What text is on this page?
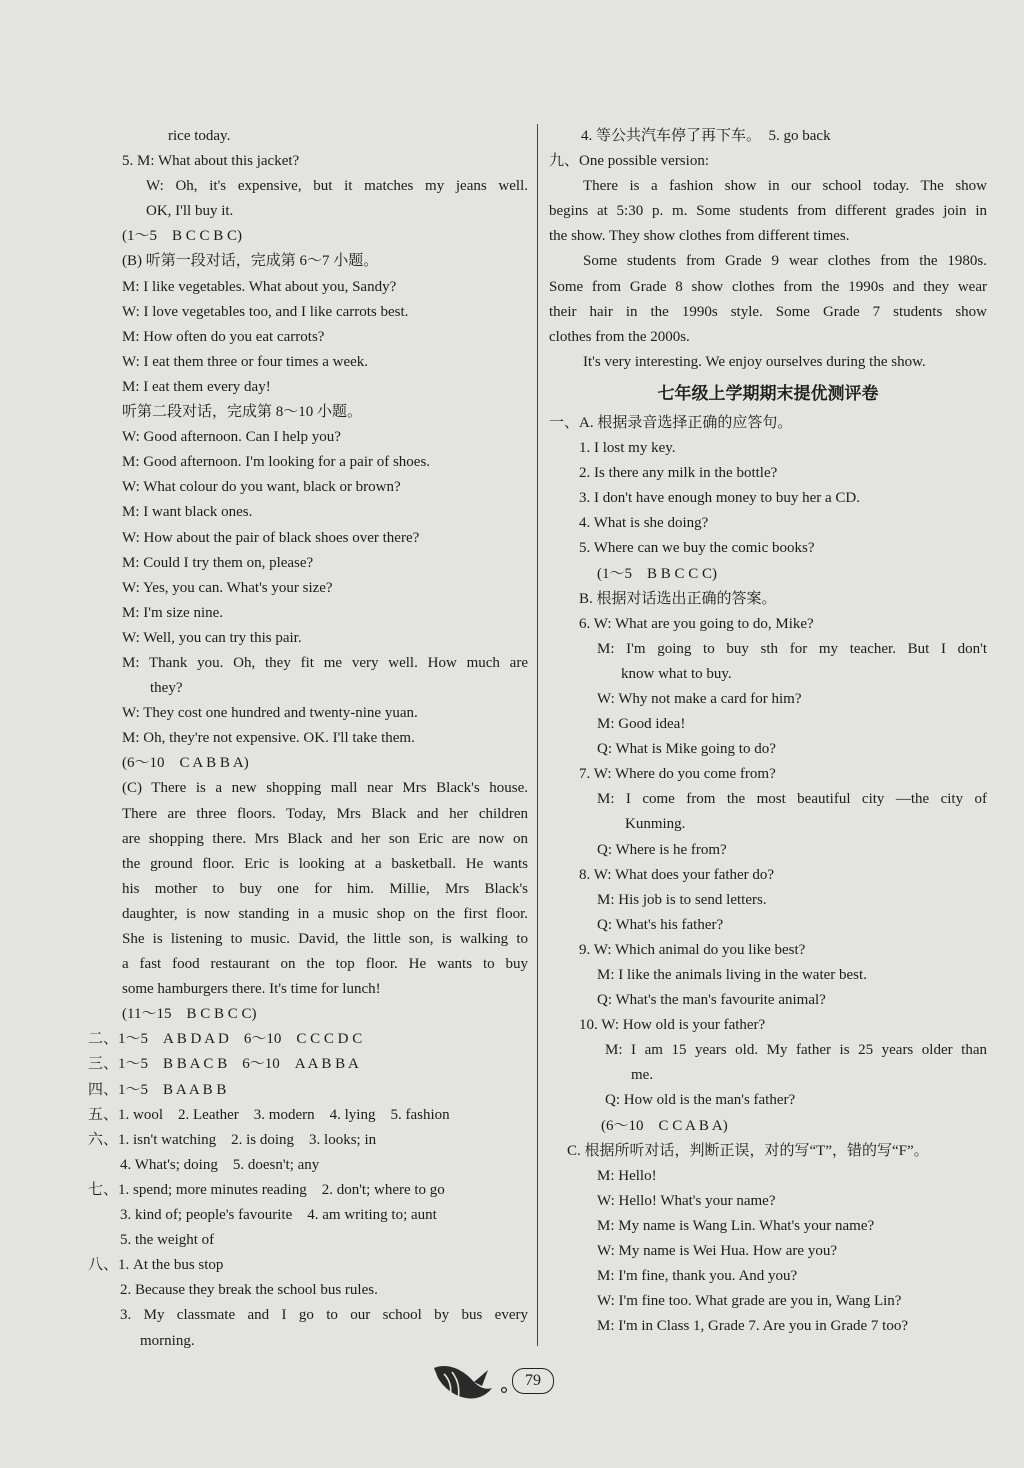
rice today.
5. M: What about this jacket?
W: Oh, it's expensive, but it matches my jeans well.
OK, I'll buy it.
(1～5　B C C B C)
(B) 听第一段对话，完成第 6～7 小题。
M: I like vegetables. What about you, Sandy?
W: I love vegetables too, and I like carrots best.
M: How often do you eat carrots?
W: I eat them three or four times a week.
M: I eat them every day!
听第二段对话，完成第 8～10 小题。
W: Good afternoon. Can I help you?
M: Good afternoon. I'm looking for a pair of shoes.
W: What colour do you want, black or brown?
M: I want black ones.
W: How about the pair of black shoes over there?
M: Could I try them on, please?
W: Yes, you can. What's your size?
M: I'm size nine.
W: Well, you can try this pair.
M: Thank you. Oh, they fit me very well. How much are
they?
W: They cost one hundred and twenty-nine yuan.
M: Oh, they're not expensive. OK. I'll take them.
(6～10　C A B B A)
(C) There is a new shopping mall near Mrs Black's house.
There are three floors. Today, Mrs Black and her children
are shopping there. Mrs Black and her son Eric are now on
the ground floor. Eric is looking at a basketball. He wants
his mother to buy one for him. Millie, Mrs Black's
daughter, is now standing in a music shop on the first floor.
She is listening to music. David, the little son, is walking to
a fast food restaurant on the top floor. He wants to buy
some hamburgers there. It's time for lunch!
(11～15　B C B C C)
二、1～5　A B D A D　6～10　C C C D C
三、1～5　B B A C B　6～10　A A B B A
四、1～5　B A A B B
五、1. wool　2. Leather　3. modern　4. lying　5. fashion
六、1. isn't watching　2. is doing　3. looks; in
4. What's; doing　5. doesn't; any
七、1. spend; more minutes reading　2. don't; where to go
3. kind of; people's favourite　4. am writing to; aunt
5. the weight of
八、1. At the bus stop
2. Because they break the school bus rules.
3. My classmate and I go to our school by bus every
morning.
4. 等公共汽车停了再下车。　5. go back
九、One possible version:
There is a fashion show in our school today. The show
begins at 5:30 p. m. Some students from different grades join in
the show. They show clothes from different times.
Some students from Grade 9 wear clothes from the 1980s.
Some from Grade 8 show clothes from the 1990s and they wear
their hair in the 1990s style. Some Grade 7 students show
clothes from the 2000s.
It's very interesting. We enjoy ourselves during the show.
七年级上学期期末提优测评卷
一、A. 根据录音选择正确的应答句。
1. I lost my key.
2. Is there any milk in the bottle?
3. I don't have enough money to buy her a CD.
4. What is she doing?
5. Where can we buy the comic books?
(1～5　B B C C C)
B. 根据对话选出正确的答案。
6. W: What are you going to do, Mike?
M: I'm going to buy sth for my teacher. But I don't
know what to buy.
W: Why not make a card for him?
M: Good idea!
Q: What is Mike going to do?
7. W: Where do you come from?
M: I come from the most beautiful city —the city of
Kunming.
Q: Where is he from?
8. W: What does your father do?
M: His job is to send letters.
Q: What's his father?
9. W: Which animal do you like best?
M: I like the animals living in the water best.
Q: What's the man's favourite animal?
10. W: How old is your father?
M: I am 15 years old. My father is 25 years older than
me.
Q: How old is the man's father?
(6～10　C C A B A)
C. 根据所听对话，判断正误，对的写“T”，错的写“F”。
M: Hello!
W: Hello! What's your name?
M: My name is Wang Lin. What's your name?
W: My name is Wei Hua. How are you?
M: I'm fine, thank you. And you?
W: I'm fine too. What grade are you in, Wang Lin?
M: I'm in Class 1, Grade 7. Are you in Grade 7 too?
79
